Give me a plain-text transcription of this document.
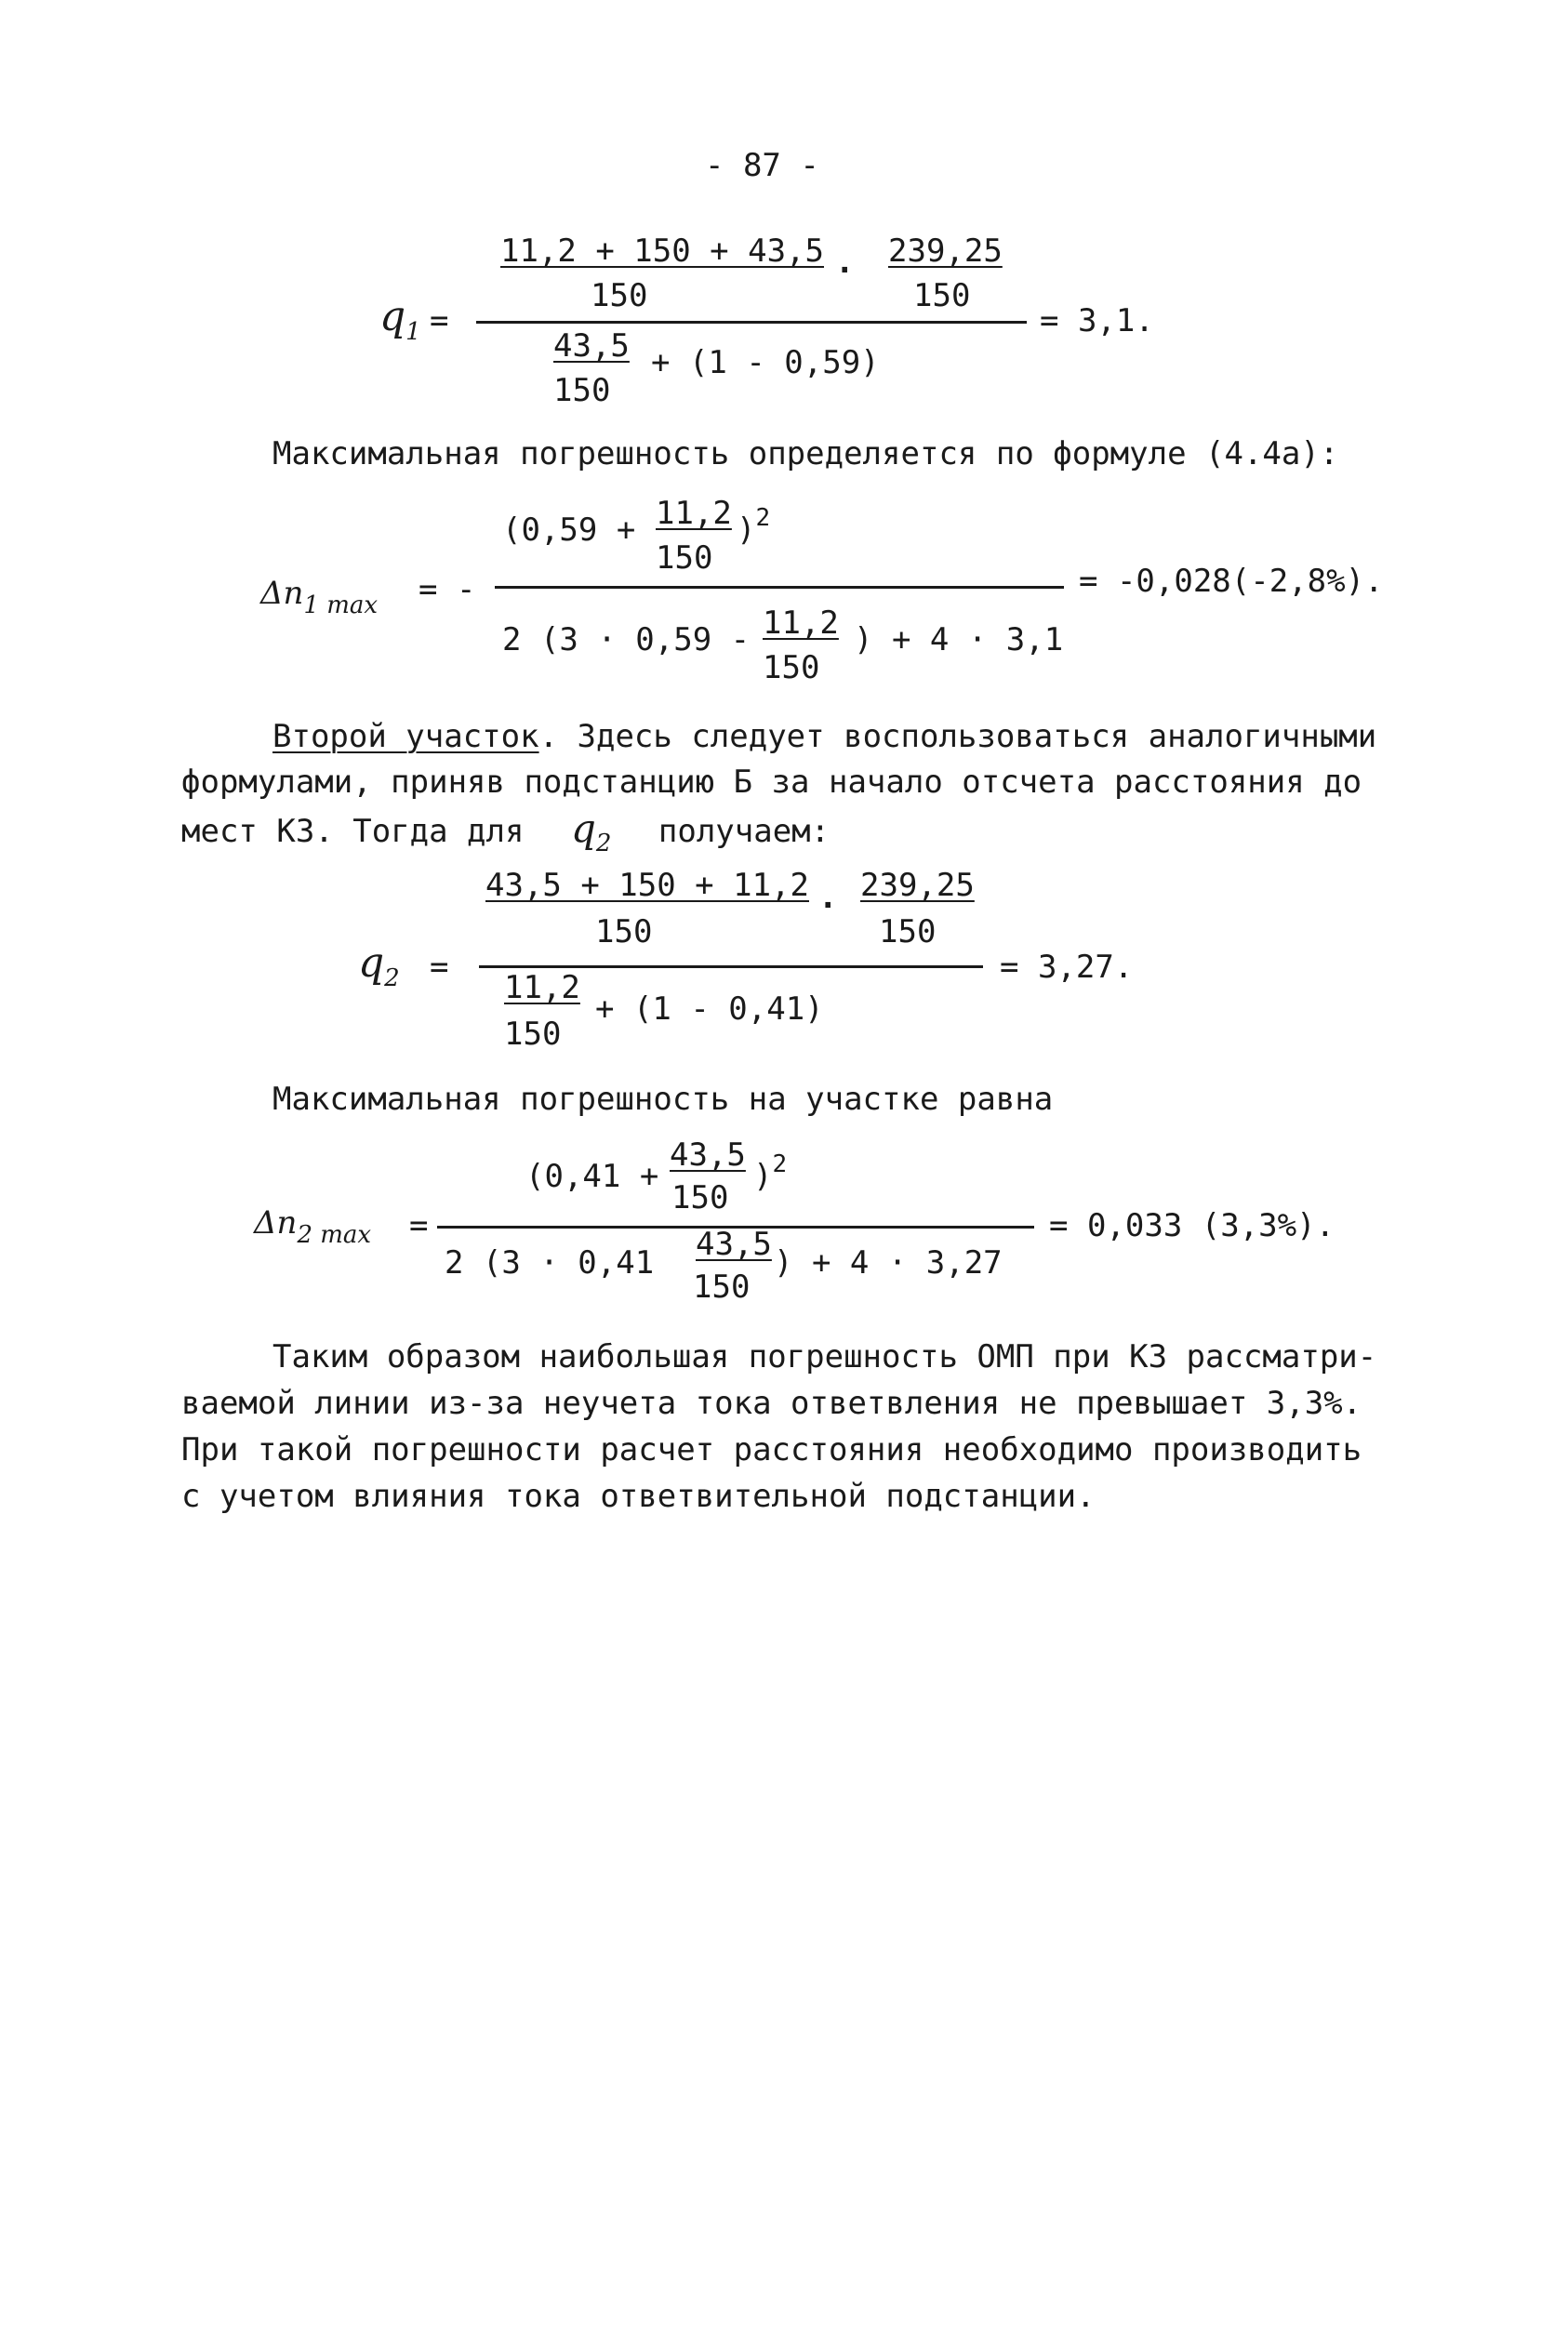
- 87 -
$q_1$ =
11,2 + 150 + 43,5
150
. 239,25
150
43,5
150
+ (1 - 0,59)
= 3,1.
Максимальная погрешность определяется по формуле (4.4а):
$\Delta n_{1 max}$ = -
(0,59 + 11,2
150
)$^2$
2 (3 · 0,59 - 11,2
150
) + 4 · 3,1
= -0,028(-2,8%).
Второй участок. Здесь следует воспользоваться аналогичными
формулами, приняв подстанцию Б за начало отсчета расстояния до
мест КЗ. Тогда для $q_2$ получаем:
$q_2$ =
43,5 + 150 + 11,2
150
. 239,25
150
11,2
150
+ (1 - 0,41)
= 3,27.
Максимальная погрешность на участке равна
$\Delta n_{2 max}$ =
(0,41 +
43,5
150
)$^2$
2 (3 · 0,41 43,5
150
) + 4 · 3,27
= 0,033 (3,3%).
Таким образом наибольшая погрешность ОМП при КЗ рассматри-
ваемой линии из-за неучета тока ответвления не превышает 3,3%.
При такой погрешности расчет расстояния необходимо производить
с учетом влияния тока ответвительной подстанции.
